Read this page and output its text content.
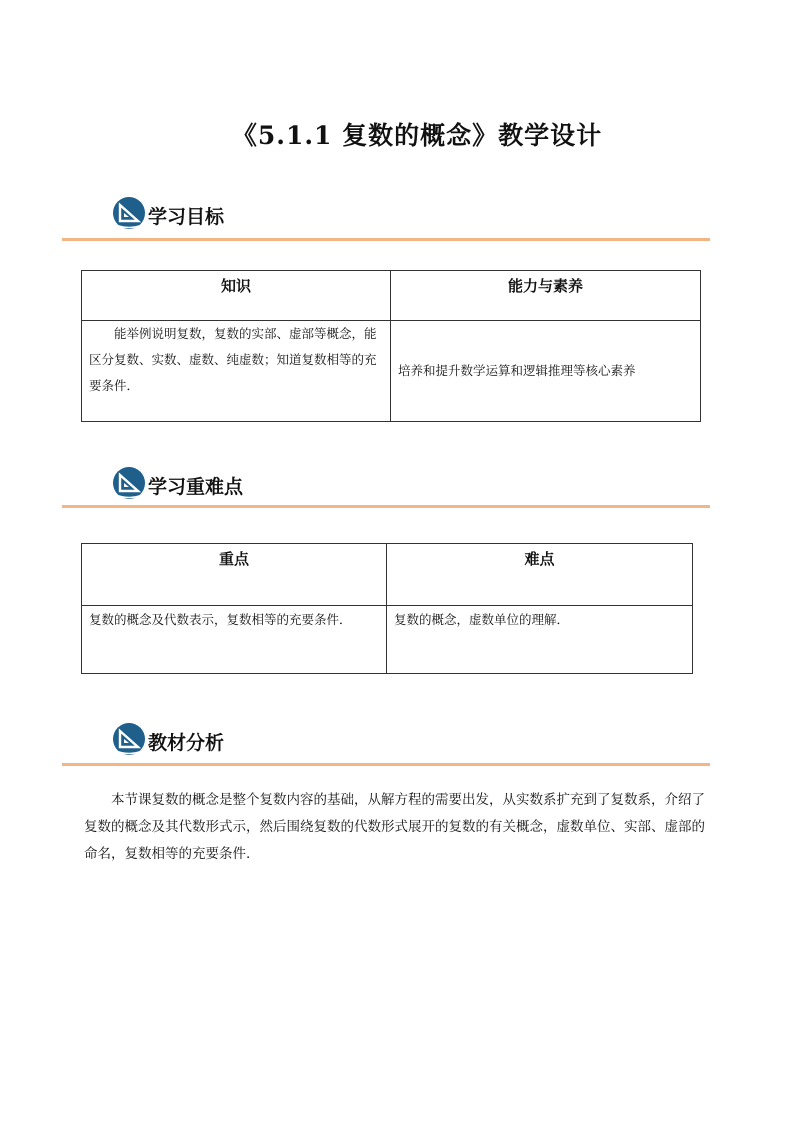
《5.1.1 复数的概念》教学设计
学习目标
知识	能力与素养

能举例说明复数，复数的实部、虚部等概念，能区分复数、实数、虚数、纯虚数；知道复数相等的充要条件．	培养和提升数学运算和逻辑推理等核心素养
学习重难点
重点	难点

复数的概念及代数表示，复数相等的充要条件．	复数的概念，虚数单位的理解．
教材分析
本节课复数的概念是整个复数内容的基础，从解方程的需要出发，从实数系扩充到了复数系，介绍了复数的概念及其代数形式示，然后围绕复数的代数形式展开的复数的有关概念，虚数单位、实部、虚部的命名，复数相等的充要条件.
